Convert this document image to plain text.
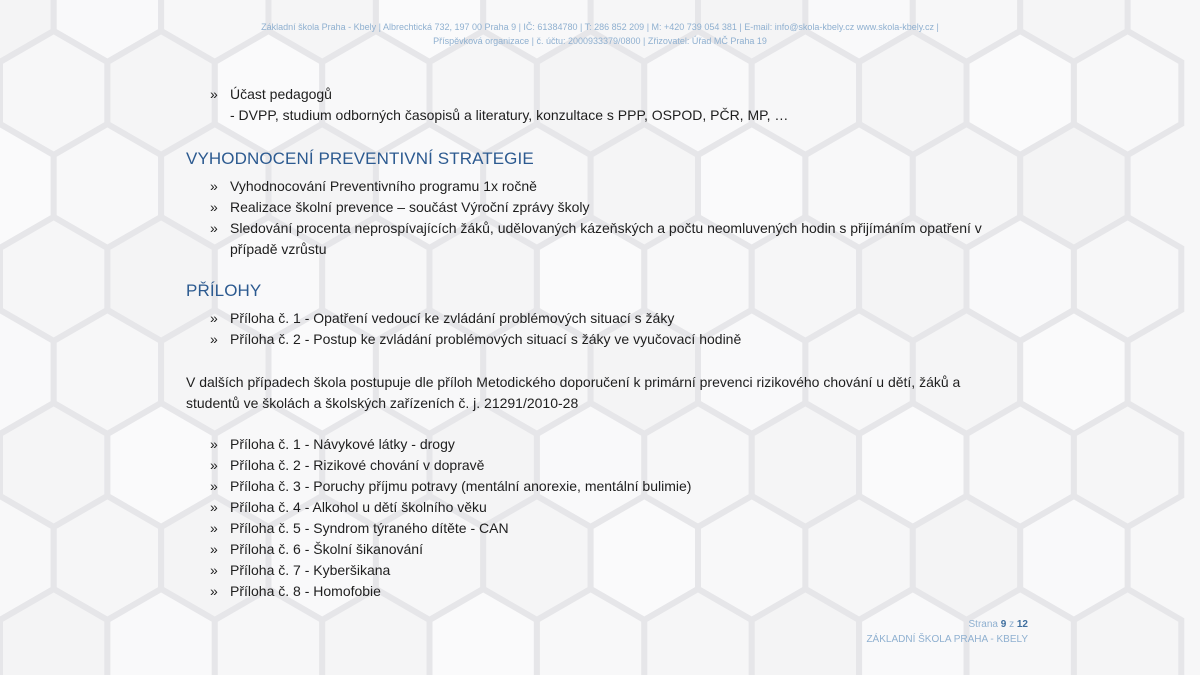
Základní škola Praha - Kbely | Albrechtická 732, 197 00 Praha 9 | IČ: 61384780 | T: 286 852 209 | M: +420 739 054 381 | E-mail: info@skola-kbely.cz www.skola-kbely.cz |
Příspěvková organizace | č. účtu: 2000933379/0800 | Zřizovatel: Úřad MČ Praha 19
» Účast pedagogů
- DVPP, studium odborných časopisů a literatury, konzultace s PPP, OSPOD, PČR, MP, …
VYHODNOCENÍ PREVENTIVNÍ STRATEGIE
» Vyhodnocování Preventivního programu 1x ročně
» Realizace školní prevence – součást Výroční zprávy školy
» Sledování procenta neprospívajících žáků, udělovaných kázeňských a počtu neomluvených hodin s přijímáním opatření v případě vzrůstu
PŘÍLOHY
» Příloha č. 1 - Opatření vedoucí ke zvládání problémových situací s žáky
» Příloha č. 2 - Postup ke zvládání problémových situací s žáky ve vyučovací hodině

V dalších případech škola postupuje dle příloh Metodického doporučení k primární prevenci rizikového chování u dětí, žáků a studentů ve školách a školských zařízeních č. j. 21291/2010-28

» Příloha č. 1 - Návykové látky - drogy
» Příloha č. 2 - Rizikové chování v dopravě
» Příloha č. 3 - Poruchy příjmu potravy (mentální anorexie, mentální bulimie)
» Příloha č. 4 - Alkohol u dětí školního věku
» Příloha č. 5 - Syndrom týraného dítěte - CAN
» Příloha č. 6 - Školní šikanování
» Příloha č. 7 - Kyberšikana
» Příloha č. 8 - Homofobie
Strana 9 z 12
ZÁKLADNÍ ŠKOLA PRAHA - KBELY
